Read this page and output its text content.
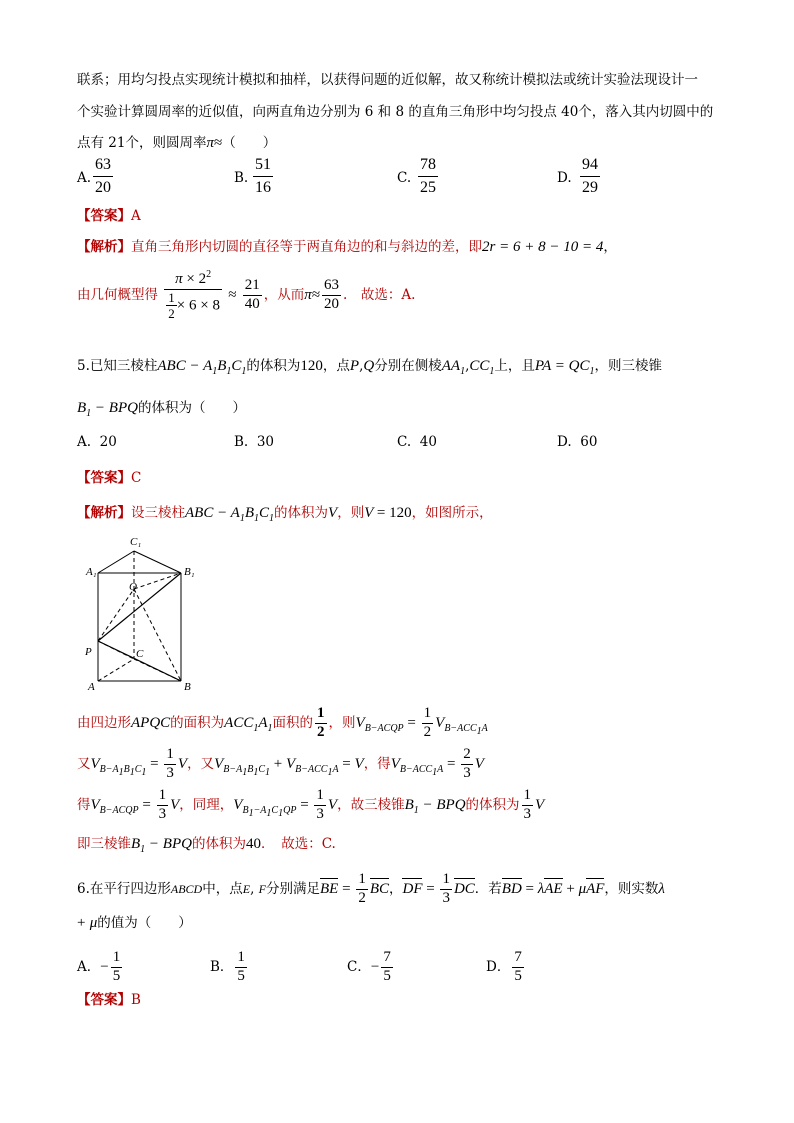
联系；用均匀投点实现统计模拟和抽样，以获得问题的近似解，故又称统计模拟法或统计实验法现设计一
个实验计算圆周率的近似值，向两直角边分别为 6 和 8 的直角三角形中均匀投点 40个，落入其内切圆中的
点有 21个，则圆周率π≈（　　）
A. $\frac{63}{20}$	B. $\frac{51}{16}$	C. $\frac{78}{25}$	D. $\frac{94}{29}$
【答案】A
【解析】直角三角形内切圆的直径等于两直角边的和与斜边的差，即2r = 6 + 8 − 10 = 4，
由几何概型得 $\frac{\pi \times 2^2}{\frac{1}{2} \times 6 \times 8} \approx \frac{21}{40}$ ，从而$\pi\approx \frac{63}{20}$ .　故选：A.
5.已知三棱柱ABC − $A_1B_1C_1$的体积为120，点P,Q分别在侧棱$AA_1,CC_1$上，且PA = $QC_1$，则三棱锥
$B_1$ − BPQ的体积为（　　）
A. 20	B. 30	C. 40	D. 60
【答案】C
【解析】设三棱柱ABC − $A_1B_1C_1$的体积为V，则V = 120，如图所示，
C₁
A₁	B₁
Q
P	C
A	B
由四边形APQC的面积为$ACC_1A_1$面积的 $\frac{1}{2}$ ，则$V_{B-ACQP} = \frac{1}{2} V_{B-ACC_1A}$
又$V_{B-A_1B_1C_1} = \frac{1}{3}$ V，又$V_{B-A_1B_1C_1} + V_{B-ACC_1A} = V$，得$V_{B-ACC_1A} = \frac{2}{3}$ V
得$V_{B-ACQP} = \frac{1}{3}$ V，同理，$V_{B_1-A_1C_1QP} = \frac{1}{3}$ V，故三棱锥$B_1$ − BPQ的体积为 $\frac{1}{3}$ V
即三棱锥$B_1$ − BPQ的体积为40．　故选：C.
6.在平行四边形ABCD中，点E, F分别满足BE = $\frac{1}{2}$ BC，DF = $\frac{1}{3}$ DC．若BD = λAE + μAF，则实数λ
+ μ的值为（　　）
A．− $\frac{1}{5}$	B． $\frac{1}{5}$	C．− $\frac{7}{5}$	D． $\frac{7}{5}$
【答案】B
